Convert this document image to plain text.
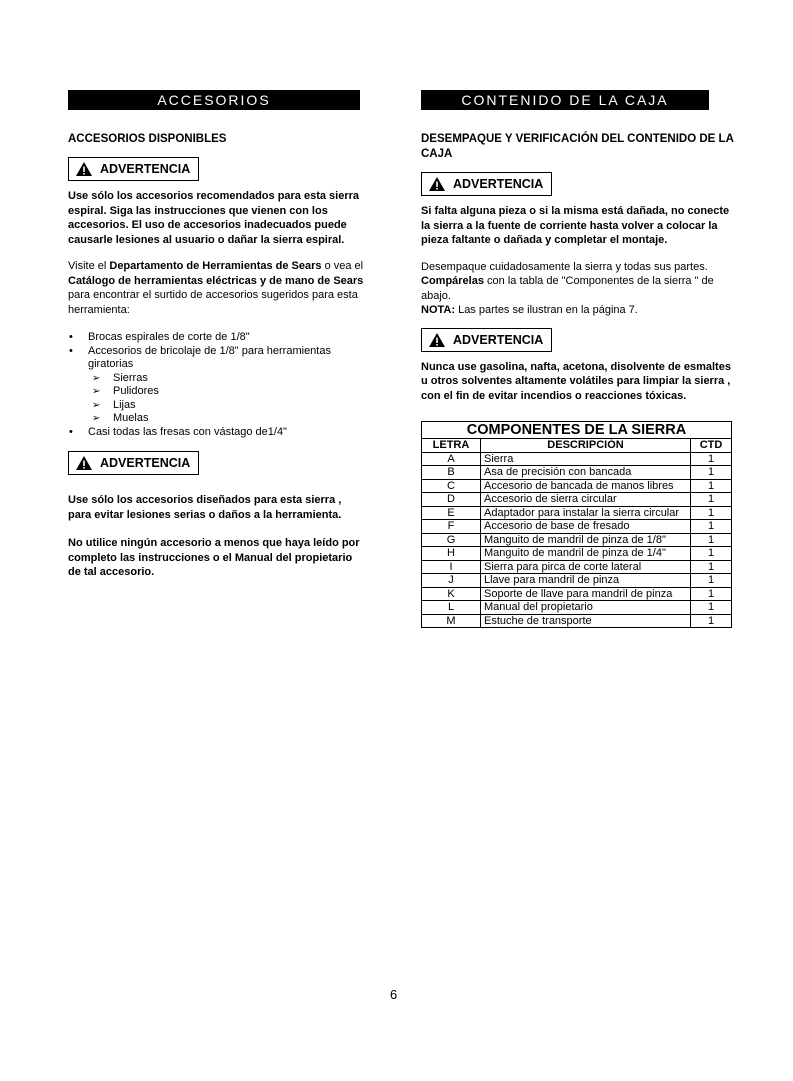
ACCESORIOS
ACCESORIOS DISPONIBLES
ADVERTENCIA
Use sólo los accesorios recomendados para esta sierra espiral. Siga las instrucciones que vienen con los accesorios. El uso de accesorios inadecuados puede causarle lesiones al usuario o dañar la sierra espiral.
Visite el Departamento de Herramientas de Sears o vea el Catálogo de herramientas eléctricas y de mano de Sears para encontrar el surtido de accesorios sugeridos para esta herramienta:
• Brocas espirales de corte de 1/8"
• Accesorios de bricolaje de 1/8" para herramientas giratorias
➢ Sierras
➢ Pulidores
➢ Lijas
➢ Muelas
• Casi todas las fresas con vástago de1/4"
ADVERTENCIA
Use sólo los accesorios diseñados para esta sierra , para evitar lesiones serias o daños a la herramienta.
No utilice ningún accesorio a menos que haya leído por completo las instrucciones o el Manual del propietario de tal accesorio.
CONTENIDO DE LA CAJA
DESEMPAQUE Y VERIFICACIÓN DEL CONTENIDO DE LA CAJA
ADVERTENCIA
Si falta alguna pieza o si la misma está dañada, no conecte la sierra a la fuente de corriente hasta volver a colocar la pieza faltante o dañada y completar el montaje.
Desempaque cuidadosamente la sierra y todas sus partes. Compárelas con la tabla de "Componentes de la sierra " de abajo.
NOTA: Las partes se ilustran en la página 7.
ADVERTENCIA
Nunca use gasolina, nafta, acetona, disolvente de esmaltes u otros solventes altamente volátiles para limpiar la sierra , con el fin de evitar incendios o reacciones tóxicas.
COMPONENTES DE LA SIERRA		
LETRA	DESCRIPCIÓN	CTD
A	Sierra	1
B	Asa de precisión con bancada	1
C	Accesorio de bancada de manos libres	1
D	Accesorio de sierra circular	1
E	Adaptador para instalar la sierra circular	1
F	Accesorio de base de fresado	1
G	Manguito de mandril de pinza de 1/8"	1
H	Manguito de mandril de pinza de 1/4"	1
I	Sierra para pirca de corte lateral	1
J	Llave para mandril de pinza	1
K	Soporte de llave para mandril de pinza	1
L	Manual del propietario	1
M	Estuche de transporte	1
6
